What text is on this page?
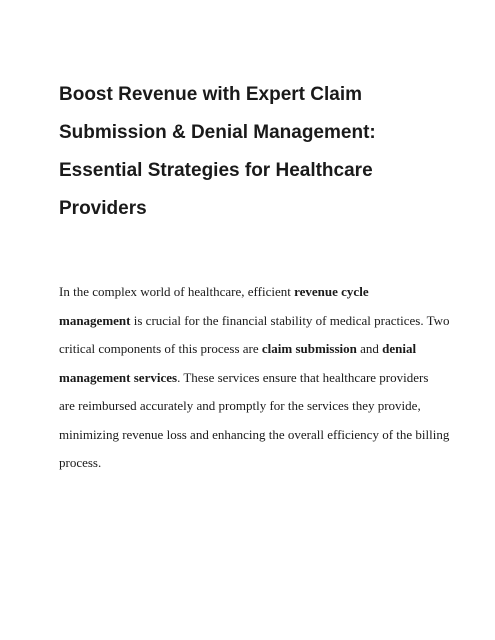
Boost Revenue with Expert Claim
Submission & Denial Management:
Essential Strategies for Healthcare
Providers

In the complex world of healthcare, efficient revenue cycle
management is crucial for the financial stability of medical practices. Two
critical components of this process are claim submission and denial
management services. These services ensure that healthcare providers
are reimbursed accurately and promptly for the services they provide,
minimizing revenue loss and enhancing the overall efficiency of the billing
process.
